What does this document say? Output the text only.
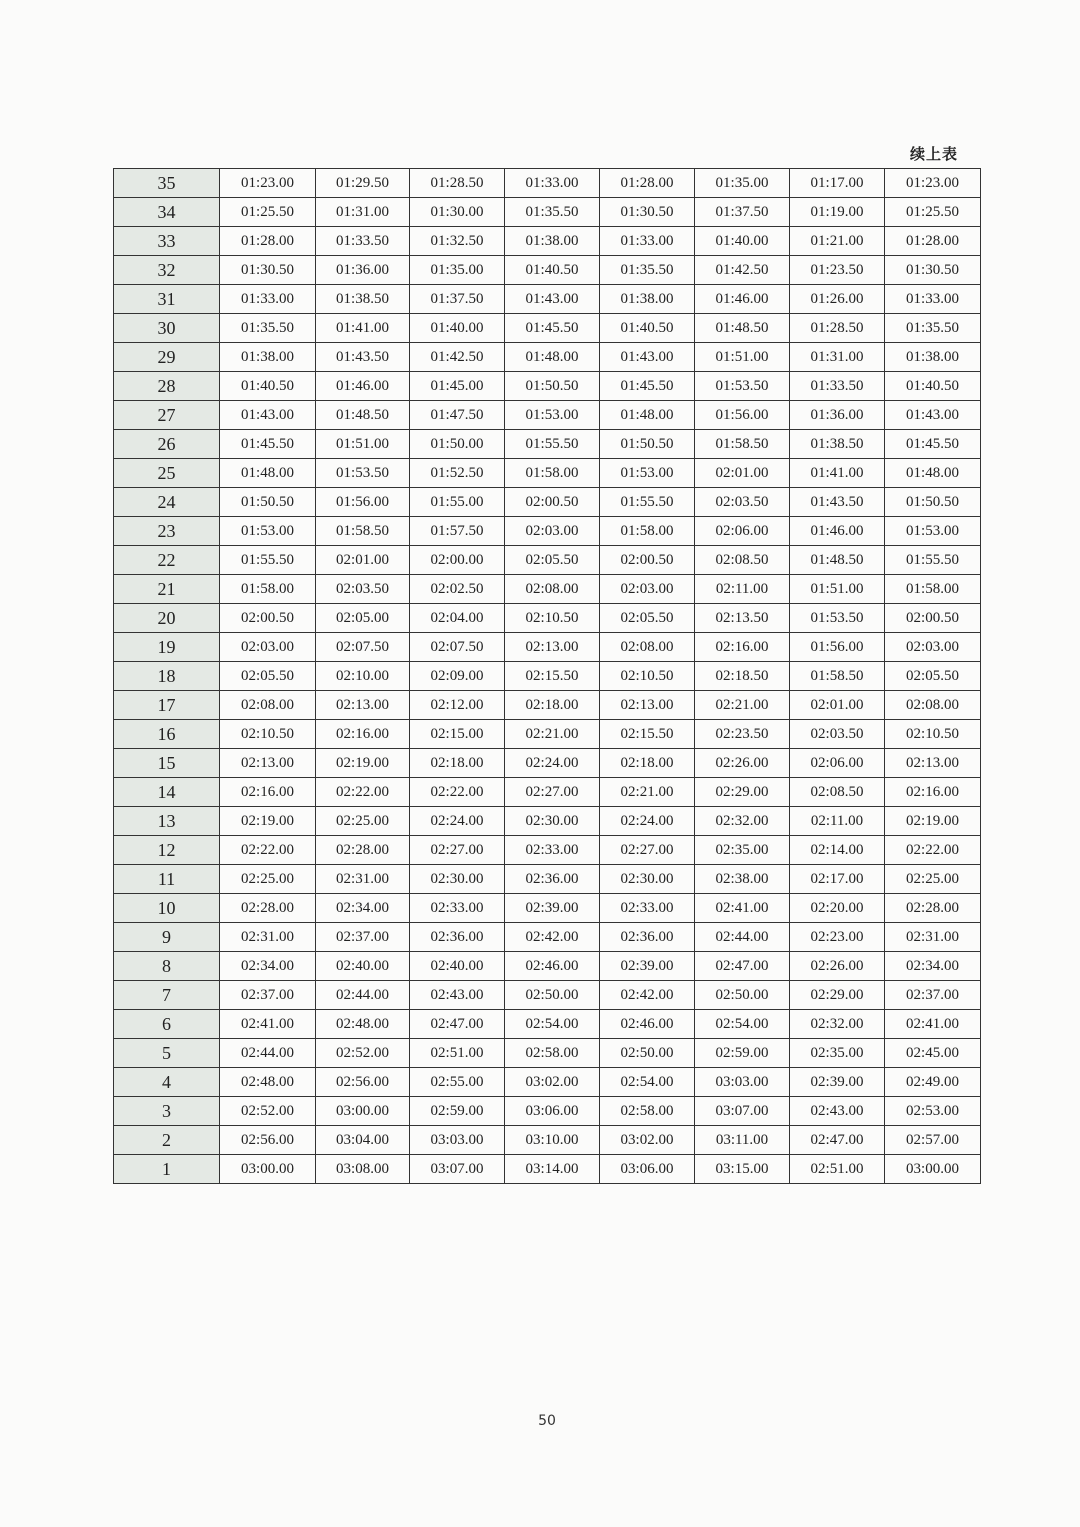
续上表
35	01:23.00	01:29.50	01:28.50	01:33.00	01:28.00	01:35.00	01:17.00	01:23.00
34	01:25.50	01:31.00	01:30.00	01:35.50	01:30.50	01:37.50	01:19.00	01:25.50
33	01:28.00	01:33.50	01:32.50	01:38.00	01:33.00	01:40.00	01:21.00	01:28.00
32	01:30.50	01:36.00	01:35.00	01:40.50	01:35.50	01:42.50	01:23.50	01:30.50
31	01:33.00	01:38.50	01:37.50	01:43.00	01:38.00	01:46.00	01:26.00	01:33.00
30	01:35.50	01:41.00	01:40.00	01:45.50	01:40.50	01:48.50	01:28.50	01:35.50
29	01:38.00	01:43.50	01:42.50	01:48.00	01:43.00	01:51.00	01:31.00	01:38.00
28	01:40.50	01:46.00	01:45.00	01:50.50	01:45.50	01:53.50	01:33.50	01:40.50
27	01:43.00	01:48.50	01:47.50	01:53.00	01:48.00	01:56.00	01:36.00	01:43.00
26	01:45.50	01:51.00	01:50.00	01:55.50	01:50.50	01:58.50	01:38.50	01:45.50
25	01:48.00	01:53.50	01:52.50	01:58.00	01:53.00	02:01.00	01:41.00	01:48.00
24	01:50.50	01:56.00	01:55.00	02:00.50	01:55.50	02:03.50	01:43.50	01:50.50
23	01:53.00	01:58.50	01:57.50	02:03.00	01:58.00	02:06.00	01:46.00	01:53.00
22	01:55.50	02:01.00	02:00.00	02:05.50	02:00.50	02:08.50	01:48.50	01:55.50
21	01:58.00	02:03.50	02:02.50	02:08.00	02:03.00	02:11.00	01:51.00	01:58.00
20	02:00.50	02:05.00	02:04.00	02:10.50	02:05.50	02:13.50	01:53.50	02:00.50
19	02:03.00	02:07.50	02:07.50	02:13.00	02:08.00	02:16.00	01:56.00	02:03.00
18	02:05.50	02:10.00	02:09.00	02:15.50	02:10.50	02:18.50	01:58.50	02:05.50
17	02:08.00	02:13.00	02:12.00	02:18.00	02:13.00	02:21.00	02:01.00	02:08.00
16	02:10.50	02:16.00	02:15.00	02:21.00	02:15.50	02:23.50	02:03.50	02:10.50
15	02:13.00	02:19.00	02:18.00	02:24.00	02:18.00	02:26.00	02:06.00	02:13.00
14	02:16.00	02:22.00	02:22.00	02:27.00	02:21.00	02:29.00	02:08.50	02:16.00
13	02:19.00	02:25.00	02:24.00	02:30.00	02:24.00	02:32.00	02:11.00	02:19.00
12	02:22.00	02:28.00	02:27.00	02:33.00	02:27.00	02:35.00	02:14.00	02:22.00
11	02:25.00	02:31.00	02:30.00	02:36.00	02:30.00	02:38.00	02:17.00	02:25.00
10	02:28.00	02:34.00	02:33.00	02:39.00	02:33.00	02:41.00	02:20.00	02:28.00
9	02:31.00	02:37.00	02:36.00	02:42.00	02:36.00	02:44.00	02:23.00	02:31.00
8	02:34.00	02:40.00	02:40.00	02:46.00	02:39.00	02:47.00	02:26.00	02:34.00
7	02:37.00	02:44.00	02:43.00	02:50.00	02:42.00	02:50.00	02:29.00	02:37.00
6	02:41.00	02:48.00	02:47.00	02:54.00	02:46.00	02:54.00	02:32.00	02:41.00
5	02:44.00	02:52.00	02:51.00	02:58.00	02:50.00	02:59.00	02:35.00	02:45.00
4	02:48.00	02:56.00	02:55.00	03:02.00	02:54.00	03:03.00	02:39.00	02:49.00
3	02:52.00	03:00.00	02:59.00	03:06.00	02:58.00	03:07.00	02:43.00	02:53.00
2	02:56.00	03:04.00	03:03.00	03:10.00	03:02.00	03:11.00	02:47.00	02:57.00
1	03:00.00	03:08.00	03:07.00	03:14.00	03:06.00	03:15.00	02:51.00	03:00.00
50
